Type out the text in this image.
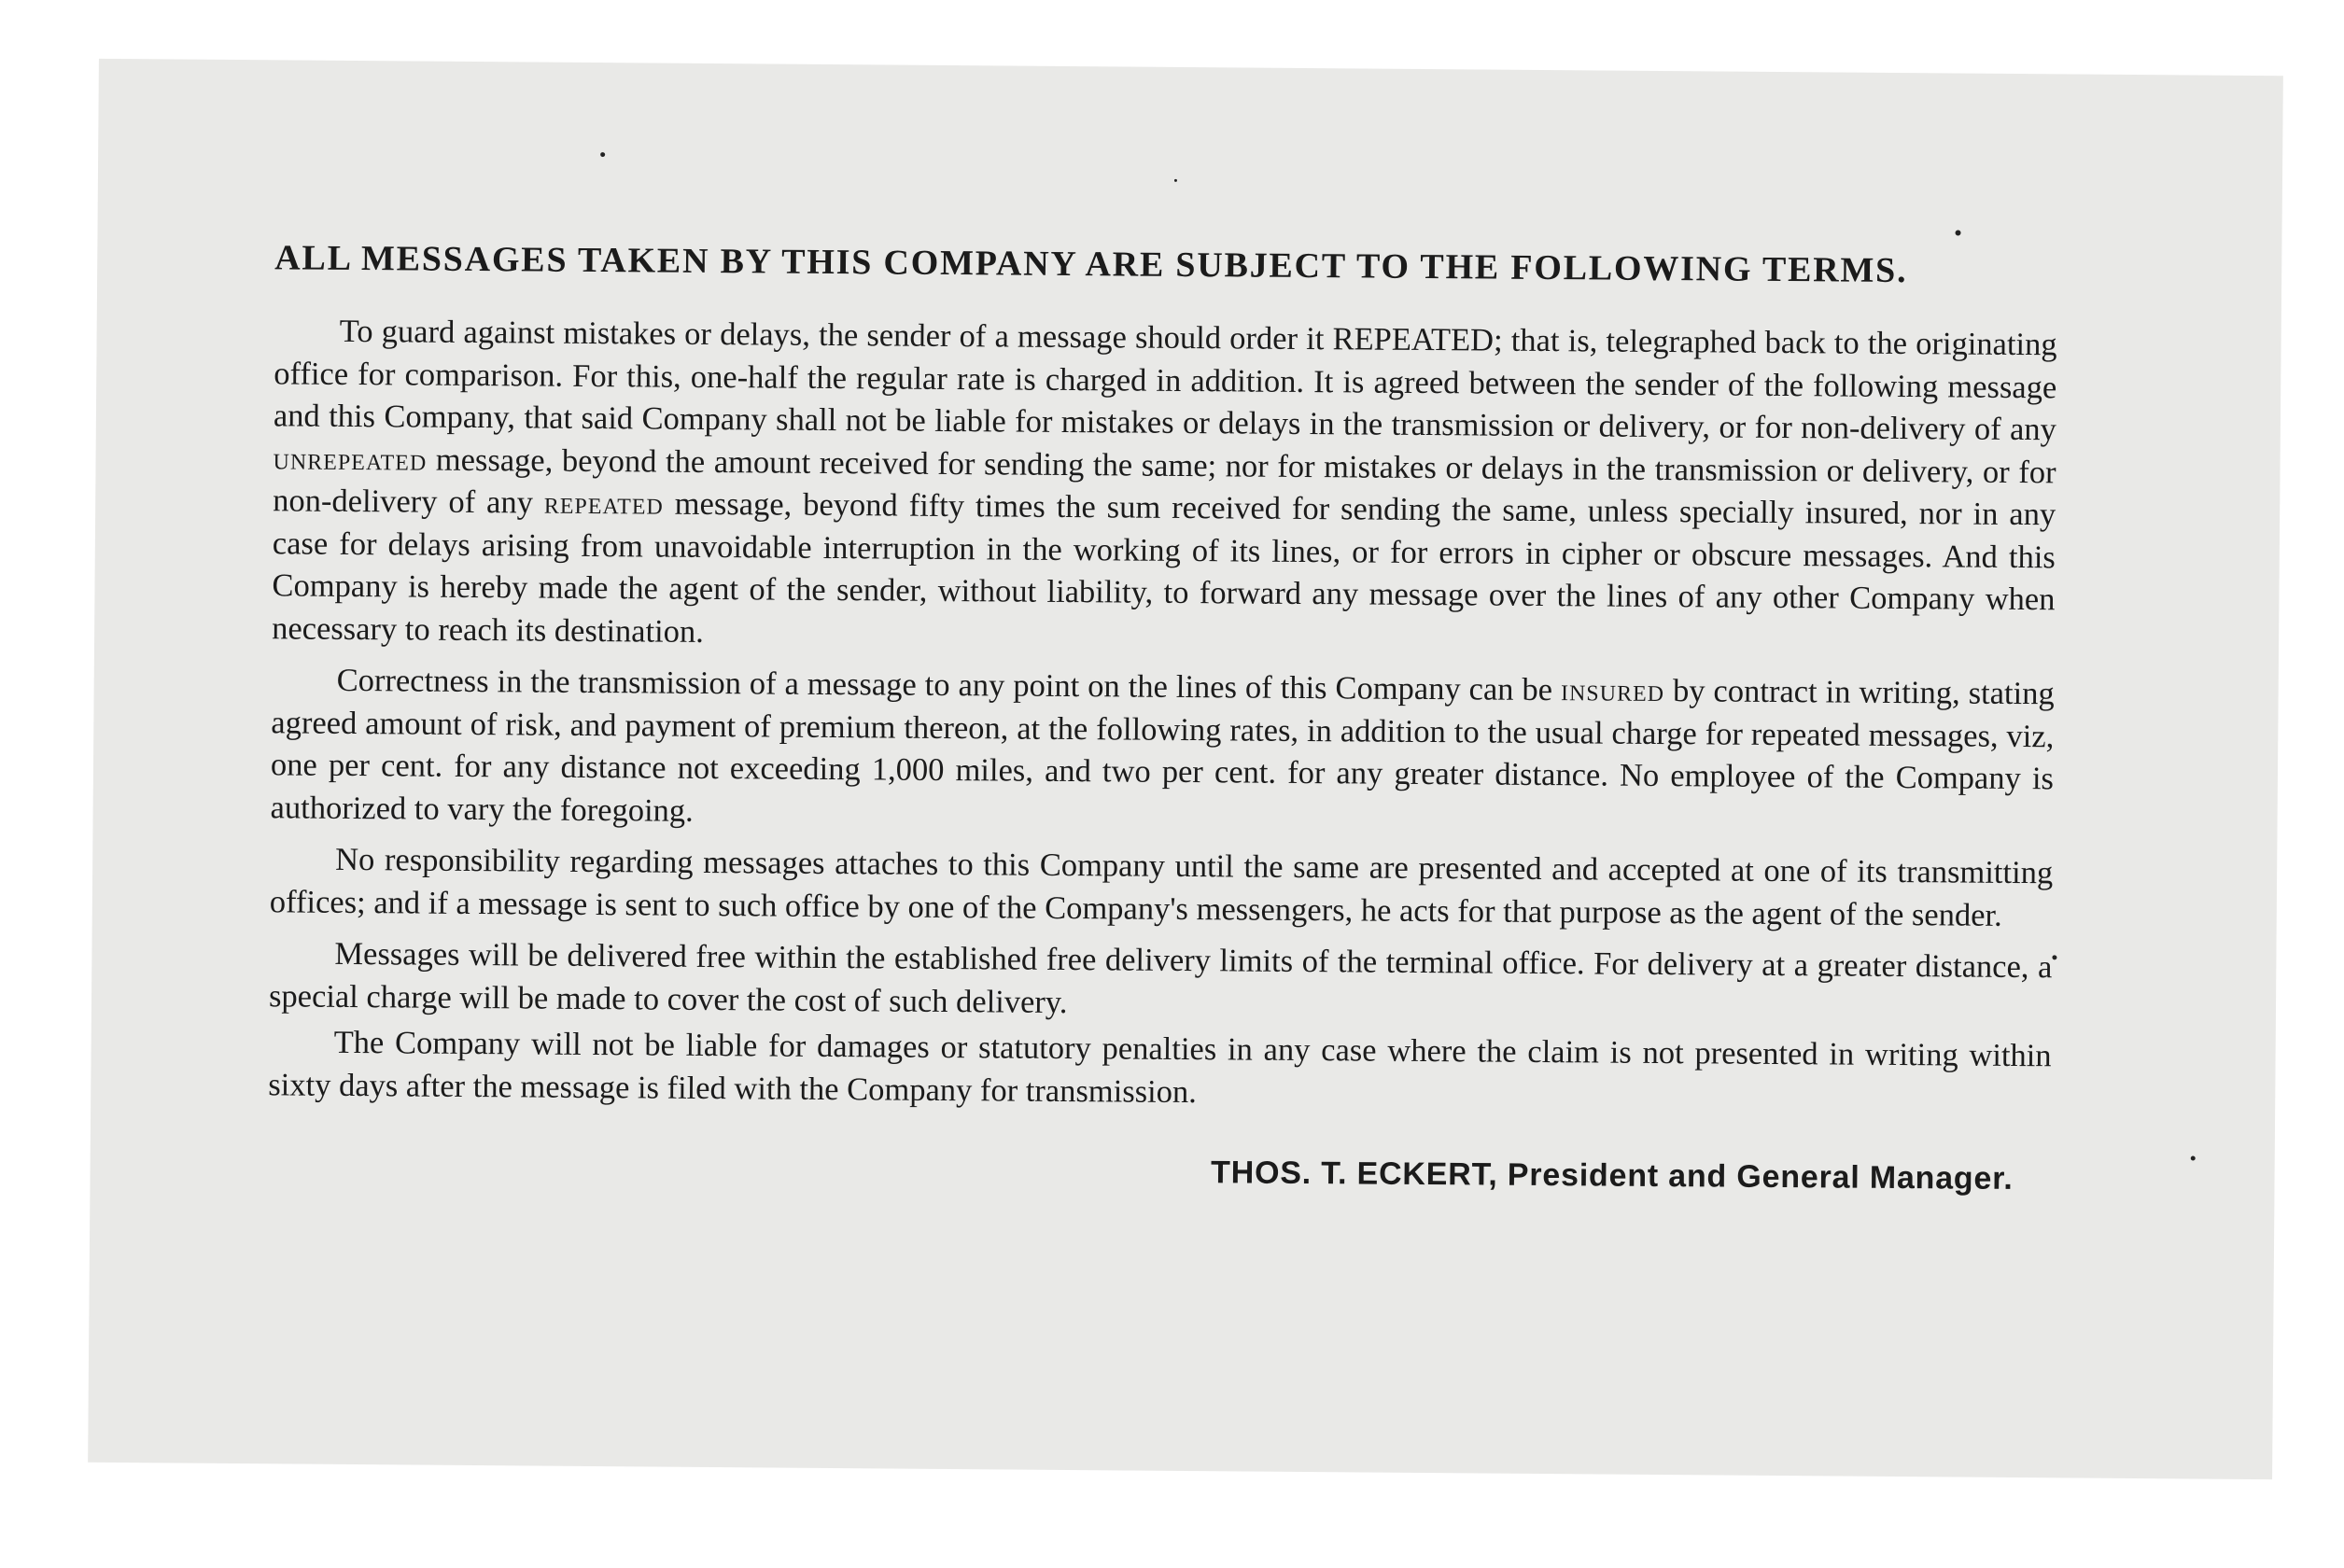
ALL MESSAGES TAKEN BY THIS COMPANY ARE SUBJECT TO THE FOLLOWING TERMS.

To guard against mistakes or delays, the sender of a message should order it REPEATED; that is, telegraphed back to the originating office for comparison. For this, one-half the regular rate is charged in addition. It is agreed between the sender of the following message and this Company, that said Company shall not be liable for mistakes or delays in the transmission or delivery, or for non-delivery of any unrepeated message, beyond the amount received for sending the same; nor for mistakes or delays in the transmission or delivery, or for non-delivery of any repeated message, beyond fifty times the sum received for sending the same, unless specially insured, nor in any case for delays arising from unavoidable interruption in the working of its lines, or for errors in cipher or obscure messages. And this Company is hereby made the agent of the sender, without liability, to forward any message over the lines of any other Company when necessary to reach its destination.

Correctness in the transmission of a message to any point on the lines of this Company can be insured by contract in writing, stating agreed amount of risk, and payment of premium thereon, at the following rates, in addition to the usual charge for repeated messages, viz, one per cent. for any distance not exceeding 1,000 miles, and two per cent. for any greater distance. No employee of the Company is authorized to vary the foregoing.

No responsibility regarding messages attaches to this Company until the same are presented and accepted at one of its transmitting offices; and if a message is sent to such office by one of the Company's messengers, he acts for that purpose as the agent of the sender.

Messages will be delivered free within the established free delivery limits of the terminal office. For delivery at a greater distance, a special charge will be made to cover the cost of such delivery.

The Company will not be liable for damages or statutory penalties in any case where the claim is not presented in writing within sixty days after the message is filed with the Company for transmission.

THOS. T. ECKERT, President and General Manager.
